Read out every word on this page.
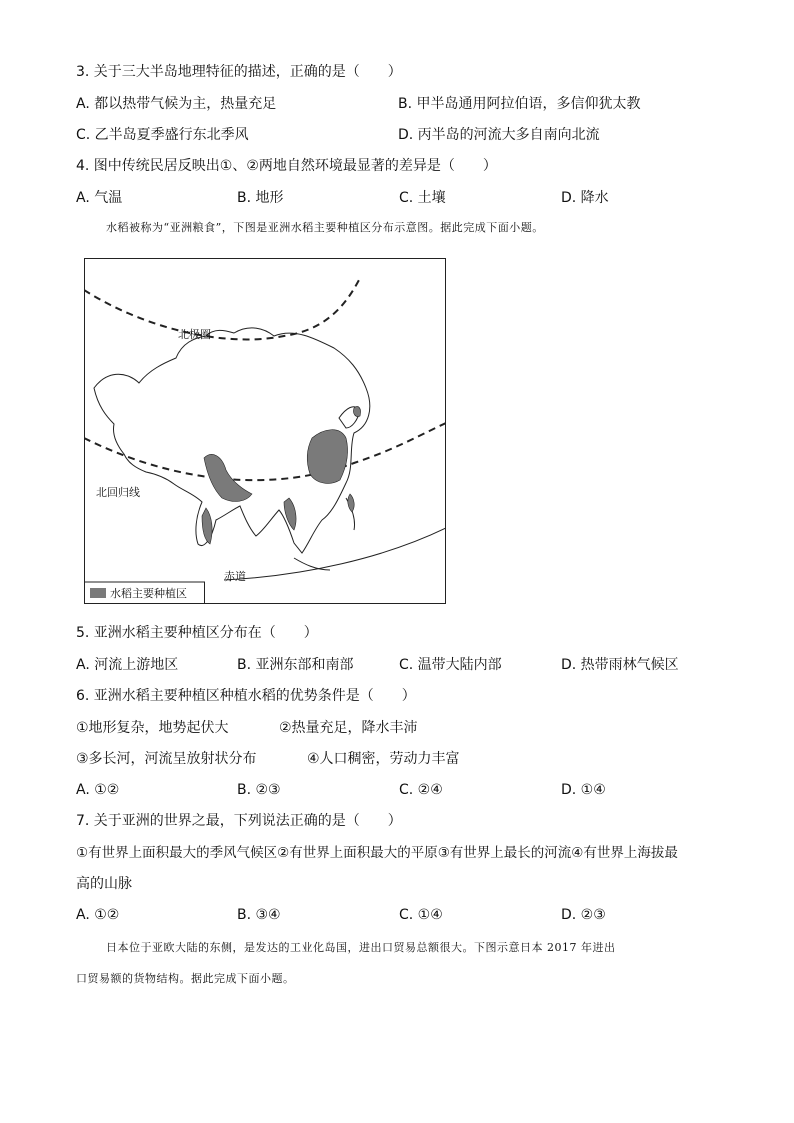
3. 关于三大半岛地理特征的描述，正确的是（　　）
A. 都以热带气候为主，热量充足	B. 甲半岛通用阿拉伯语，多信仰犹太教
C. 乙半岛夏季盛行东北季风	D. 丙半岛的河流大多自南向北流
4. 图中传统民居反映出①、②两地自然环境最显著的差异是（　　）
A. 气温	B. 地形	C. 土壤	D. 降水
水稻被称为“亚洲粮食”，下图是亚洲水稻主要种植区分布示意图。据此完成下面小题。
北极圈
北回归线
赤道
水稻主要种植区
5. 亚洲水稻主要种植区分布在（　　）
A. 河流上游地区	B. 亚洲东部和南部	C. 温带大陆内部	D. 热带雨林气候区
6. 亚洲水稻主要种植区种植水稻的优势条件是（　　）
①地形复杂，地势起伏大	②热量充足，降水丰沛
③多长河，河流呈放射状分布	④人口稠密，劳动力丰富
A. ①②	B. ②③	C. ②④	D. ①④
7. 关于亚洲的世界之最，下列说法正确的是（　　）
①有世界上面积最大的季风气候区②有世界上面积最大的平原③有世界上最长的河流④有世界上海拔最
高的山脉
A. ①②	B. ③④	C. ①④	D. ②③
日本位于亚欧大陆的东侧，是发达的工业化岛国，进出口贸易总额很大。下图示意日本 2017 年进出
口贸易额的货物结构。据此完成下面小题。
